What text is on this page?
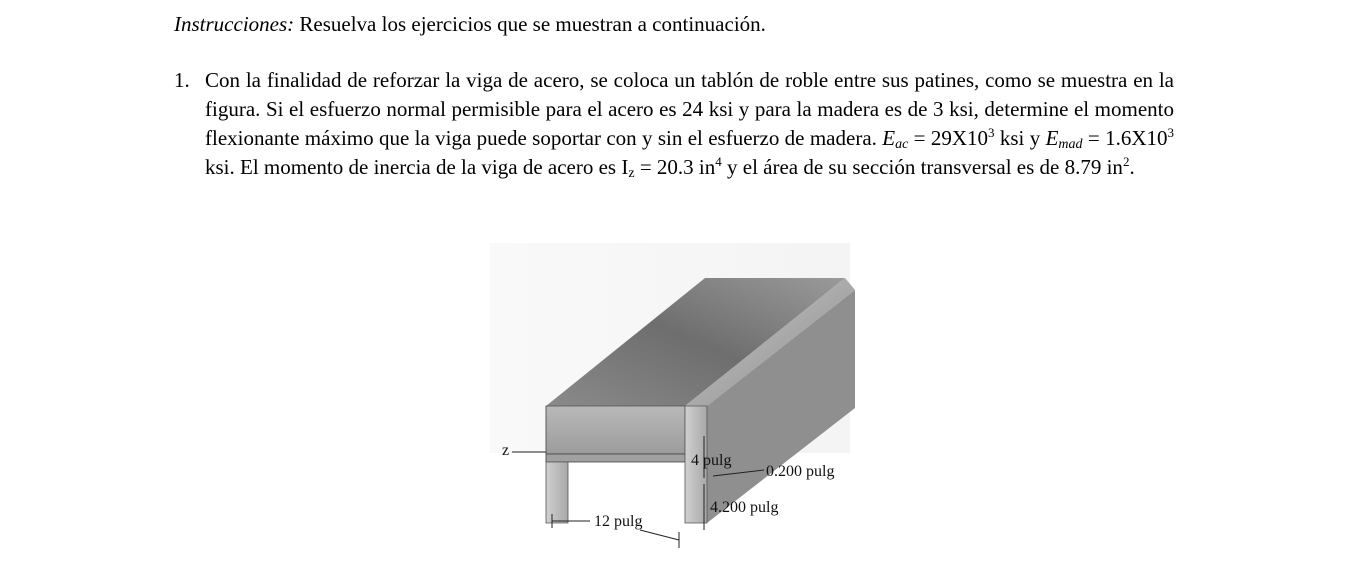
Instrucciones: Resuelva los ejercicios que se muestran a continuación.
1. Con la finalidad de reforzar la viga de acero, se coloca un tablón de roble entre sus patines, como se muestra en la figura. Si el esfuerzo normal permisible para el acero es 24 ksi y para la madera es de 3 ksi, determine el momento flexionante máximo que la viga puede soportar con y sin el esfuerzo de madera. $E_{ac} = 29X10^3$ ksi y $E_{mad} = 1.6X10^3$ ksi. El momento de inercia de la viga de acero es $I_z = 20.3$ $in^4$ y el área de su sección transversal es de 8.79 $in^2$.
z
4 pulg
0.200 pulg
4.200 pulg
12 pulg
